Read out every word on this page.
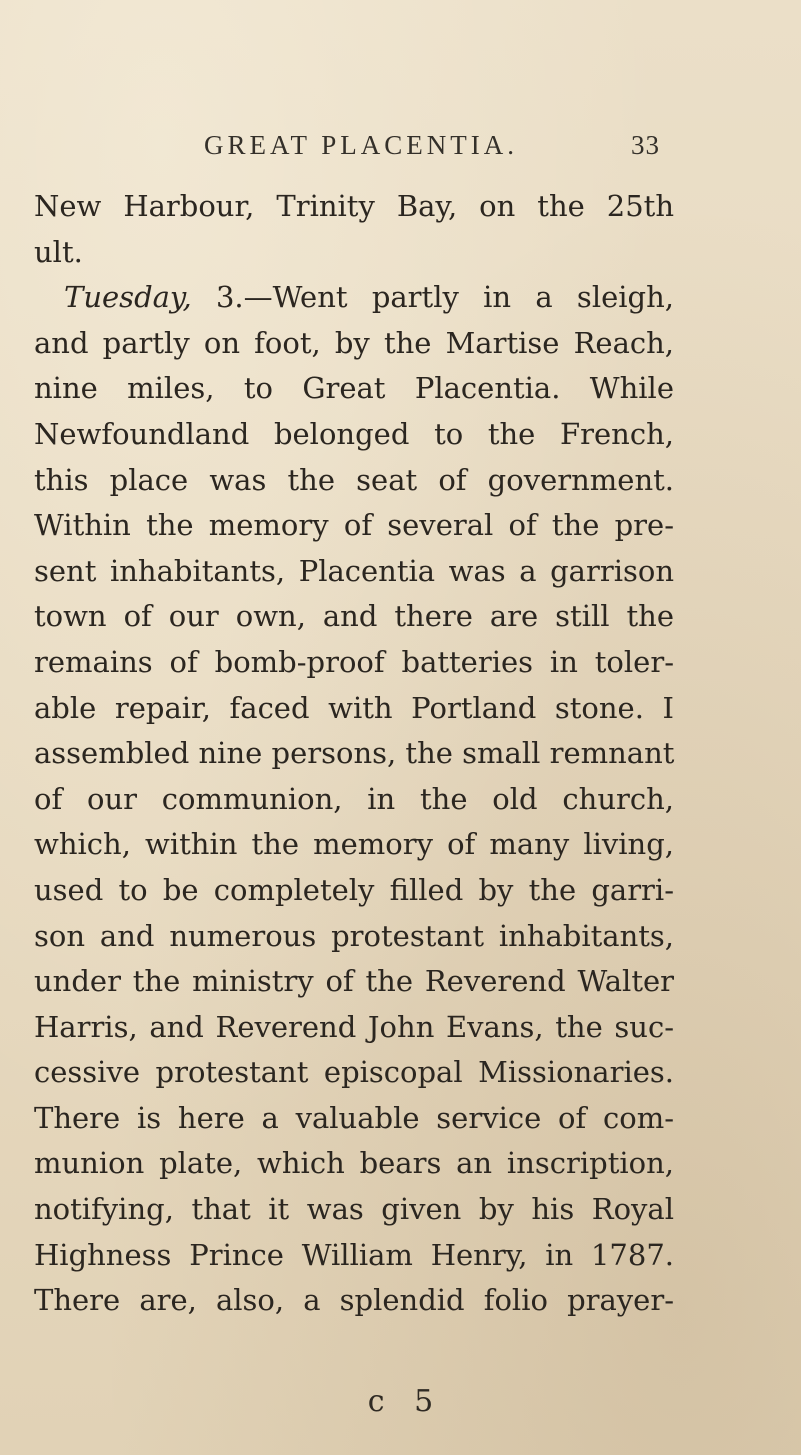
GREAT PLACENTIA.	33
New Harbour, Trinity Bay, on the 25th
ult.
Tuesday, 3.—Went partly in a sleigh,
and partly on foot, by the Martise Reach,
nine miles, to Great Placentia. While
Newfoundland belonged to the French,
this place was the seat of government.
Within the memory of several of the pre-
sent inhabitants, Placentia was a garrison
town of our own, and there are still the
remains of bomb-proof batteries in toler-
able repair, faced with Portland stone. I
assembled nine persons, the small remnant
of our communion, in the old church,
which, within the memory of many living,
used to be completely filled by the garri-
son and numerous protestant inhabitants,
under the ministry of the Reverend Walter
Harris, and Reverend John Evans, the suc-
cessive protestant episcopal Missionaries.
There is here a valuable service of com-
munion plate, which bears an inscription,
notifying, that it was given by his Royal
Highness Prince William Henry, in 1787.
There are, also, a splendid folio prayer-
c 5
